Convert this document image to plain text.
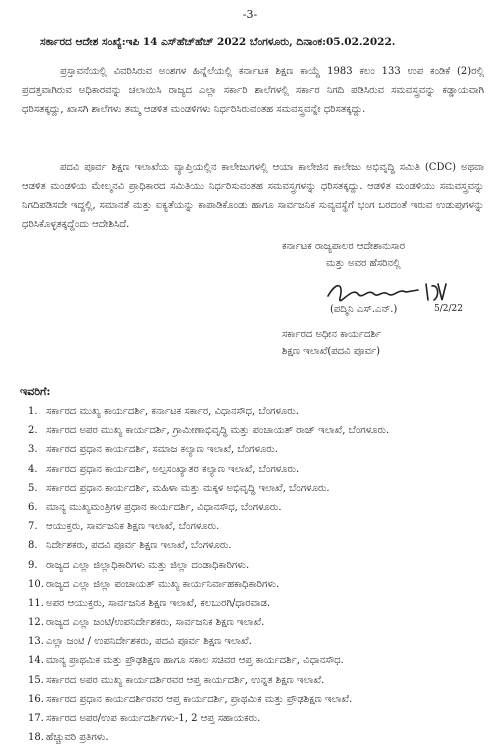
-3-
ಸರ್ಕಾರದ ಆದೇಶ ಸಂಖ್ಯೆ:ಇಪಿ 14 ಎಸ್‌ಹೆಚ್‌ಹೆಚ್ 2022 ಬೆಂಗಳೂರು, ದಿನಾಂಕ:05.02.2022.

ಪ್ರಸ್ತಾವನೆಯಲ್ಲಿ ವಿವರಿಸಿರುವ ಅಂಶಗಳ ಹಿನ್ನೆಲೆಯಲ್ಲಿ ಕರ್ನಾಟಕ ಶಿಕ್ಷಣ ಕಾಯ್ದೆ 1983 ಕಲಂ 133 ಉಪ ಕಂಡಿಕೆ (2)ರಲ್ಲಿ ಪ್ರದತ್ತವಾಗಿರುವ ಅಧಿಕಾರವನ್ನು ಚಲಾಯಿಸಿ ರಾಜ್ಯದ ಎಲ್ಲಾ ಸರ್ಕಾರಿ ಶಾಲೆಗಳಲ್ಲಿ ಸರ್ಕಾರ ನಿಗದಿ ಪಡಿಸಿರುವ ಸಮವಸ್ತ್ರವನ್ನು ಕಡ್ಡಾಯವಾಗಿ ಧರಿಸತಕ್ಕದ್ದು, ಖಾಸಗಿ ಶಾಲೆಗಳು ತಮ್ಮ ಆಡಳಿತ ಮಂಡಳಿಗಳು ನಿರ್ಧರಿಸಿರುವಂತಹ ಸಮವಸ್ತ್ರವನ್ನೇ ಧರಿಸತಕ್ಕದ್ದು.

ಪದವಿ ಪೂರ್ವ ಶಿಕ್ಷಣ ಇಲಾಖೆಯ ವ್ಯಾಪ್ತಿಯಲ್ಲಿನ ಕಾಲೇಜುಗಳಲ್ಲಿ ಆಯಾ ಕಾಲೇಜಿನ ಕಾಲೇಜು ಅಭಿವೃದ್ಧಿ ಸಮಿತಿ (CDC) ಅಥವಾ ಆಡಳಿತ ಮಂಡಳಿಯ ಮೇಲ್ಮನವಿ ಪ್ರಾಧಿಕಾರದ ಸಮಿತಿಯು ನಿರ್ಧರಿಸುವಂತಹ ಸಮವಸ್ತ್ರಗಳನ್ನು ಧರಿಸತಕ್ಕದ್ದು. ಆಡಳಿತ ಮಂಡಳಿಯು ಸಮವಸ್ತ್ರವನ್ನು ನಿಗದಿಪಡಿಸದೇ ಇದ್ದಲ್ಲಿ, ಸಮಾನತೆ ಮತ್ತು ಐಕ್ಯತೆಯನ್ನು ಕಾಪಾಡಿಕೊಂಡು ಹಾಗೂ ಸಾರ್ವಜನಿಕ ಸುವ್ಯವಸ್ಥೆಗೆ ಭಂಗ ಬರದಂತೆ ಇರುವ ಉಡುಪುಗಳನ್ನು ಧರಿಸಿಕೊಳ್ಳತಕ್ಕದ್ದೆಂದು ಆದೇಶಿಸಿದೆ.

ಕರ್ನಾಟಕ ರಾಜ್ಯಪಾಲರ ಆದೇಶಾನುಸಾರ
ಮತ್ತು ಅವರ ಹೆಸರಿನಲ್ಲಿ
(ಪದ್ಮಿನಿ ಎಸ್.ಎನ್.)	5/2/22
ಸರ್ಕಾರದ ಅಧೀನ ಕಾರ್ಯದರ್ಶಿ
ಶಿಕ್ಷಣ ಇಲಾಖೆ(ಪದವಿ ಪೂರ್ವ)
ಇವರಿಗೆ:
1. ಸರ್ಕಾರದ ಮುಖ್ಯ ಕಾರ್ಯದರ್ಶಿ, ಕರ್ನಾಟಕ ಸರ್ಕಾರ, ವಿಧಾನಸೌಧ, ಬೆಂಗಳೂರು.
2. ಸರ್ಕಾರದ ಅಪರ ಮುಖ್ಯ ಕಾರ್ಯದರ್ಶಿ, ಗ್ರಾಮೀಣಾಭಿವೃದ್ಧಿ ಮತ್ತು ಪಂಚಾಯತ್ ರಾಜ್ ಇಲಾಖೆ, ಬೆಂಗಳೂರು.
3. ಸರ್ಕಾರದ ಪ್ರಧಾನ ಕಾರ್ಯದರ್ಶಿ, ಸಮಾಜ ಕಲ್ಯಾಣ ಇಲಾಖೆ, ಬೆಂಗಳೂರು.
4. ಸರ್ಕಾರದ ಪ್ರಧಾನ ಕಾರ್ಯದರ್ಶಿ, ಅಲ್ಪಸಂಖ್ಯಾತರ ಕಲ್ಯಾಣ ಇಲಾಖೆ, ಬೆಂಗಳೂರು.
5. ಸರ್ಕಾರದ ಪ್ರಧಾನ ಕಾರ್ಯದರ್ಶಿ, ಮಹಿಳಾ ಮತ್ತು ಮಕ್ಕಳ ಅಭಿವೃದ್ಧಿ ಇಲಾಖೆ, ಬೆಂಗಳೂರು.
6. ಮಾನ್ಯ ಮುಖ್ಯಮಂತ್ರಿಗಳ ಪ್ರಧಾನ ಕಾರ್ಯದರ್ಶಿ, ವಿಧಾನಸೌಧ, ಬೆಂಗಳೂರು.
7. ಆಯುಕ್ತರು, ಸಾರ್ವಜನಿಕ ಶಿಕ್ಷಣ ಇಲಾಖೆ, ಬೆಂಗಳೂರು.
8. ನಿರ್ದೇಶಕರು, ಪದವಿ ಪೂರ್ವ ಶಿಕ್ಷಣ ಇಲಾಖೆ, ಬೆಂಗಳೂರು.
9. ರಾಜ್ಯದ ಎಲ್ಲಾ ಜಿಲ್ಲಾಧಿಕಾರಿಗಳು ಮತ್ತು ಜಿಲ್ಲಾ ದಂಡಾಧಿಕಾರಿಗಳು.
10. ರಾಜ್ಯದ ಎಲ್ಲಾ ಜಿಲ್ಲಾ ಪಂಚಾಯತ್ ಮುಖ್ಯ ಕಾರ್ಯನಿರ್ವಾಹಕಾಧಿಕಾರಿಗಳು.
11. ಅಪರ ಆಯುಕ್ತರು, ಸಾರ್ವಜನಿಕ ಶಿಕ್ಷಣ ಇಲಾಖೆ, ಕಲಬುರಗಿ/ಧಾರವಾಡ.
12. ರಾಜ್ಯದ ಎಲ್ಲಾ ಜಂಟಿ/ಉಪನಿರ್ದೇಶಕರು, ಸಾರ್ವಜನಿಕ ಶಿಕ್ಷಣ ಇಲಾಖೆ.
13. ಎಲ್ಲಾ ಜಂಟಿ / ಉಪನಿರ್ದೇಶಕರು, ಪದವಿ ಪೂರ್ವ ಶಿಕ್ಷಣ ಇಲಾಖೆ.
14. ಮಾನ್ಯ ಪ್ರಾಥಮಿಕ ಮತ್ತು ಪ್ರೌಢಶಿಕ್ಷಣ ಹಾಗೂ ಸಕಾಲ ಸಚಿವರ ಆಪ್ತ ಕಾರ್ಯದರ್ಶಿ, ವಿಧಾನಸೌಧ.
15. ಸರ್ಕಾರದ ಅಪರ ಮುಖ್ಯ ಕಾರ್ಯದರ್ಶಿರವರ ಆಪ್ತ ಕಾರ್ಯದರ್ಶಿ, ಉನ್ನತ ಶಿಕ್ಷಣ ಇಲಾಖೆ.
16. ಸರ್ಕಾರದ ಪ್ರಧಾನ ಕಾರ್ಯದರ್ಶಿರವರ ಆಪ್ತ ಕಾರ್ಯದರ್ಶಿ, ಪ್ರಾಥಮಿಕ ಮತ್ತು ಪ್ರೌಢಶಿಕ್ಷಣ ಇಲಾಖೆ.
17. ಸರ್ಕಾರದ ಅಪರ/ಉಪ ಕಾರ್ಯದರ್ಶಿಗಳು-1, 2 ಆಪ್ತ ಸಹಾಯಕರು.
18. ಹೆಚ್ಚುವರಿ ಪ್ರತಿಗಳು.
